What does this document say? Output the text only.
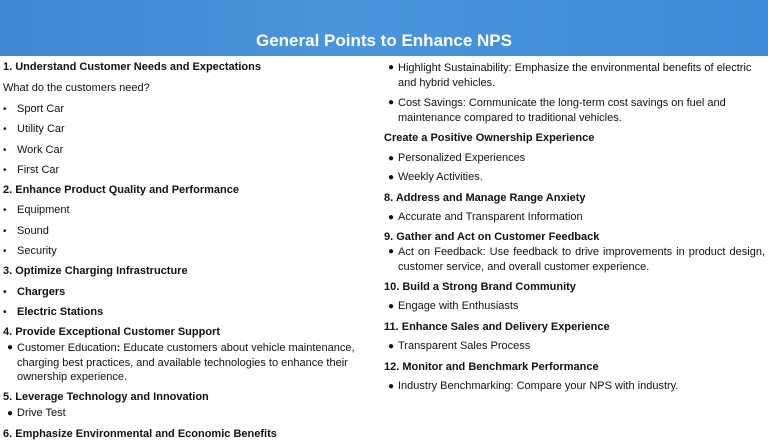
General Points to Enhance NPS
1. Understand Customer Needs and Expectations
What do the customers need?
• Sport Car
• Utility Car
• Work Car
• First Car
2. Enhance Product Quality and Performance
• Equipment
• Sound
• Security
3. Optimize Charging Infrastructure
• Chargers
• Electric Stations
4. Provide Exceptional Customer Support
● Customer Education: Educate customers about vehicle maintenance, charging best practices, and available technologies to enhance their ownership experience.
5. Leverage Technology and Innovation
● Drive Test
6. Emphasize Environmental and Economic Benefits
● Highlight Sustainability: Emphasize the environmental benefits of electric and hybrid vehicles.
● Cost Savings: Communicate the long-term cost savings on fuel and maintenance compared to traditional vehicles.
Create a Positive Ownership Experience
● Personalized Experiences
● Weekly Activities.
8. Address and Manage Range Anxiety
● Accurate and Transparent Information
9. Gather and Act on Customer Feedback
● Act on Feedback: Use feedback to drive improvements in product design, customer service, and overall customer experience.
10. Build a Strong Brand Community
● Engage with Enthusiasts
11. Enhance Sales and Delivery Experience
● Transparent Sales Process
12. Monitor and Benchmark Performance
● Industry Benchmarking: Compare your NPS with industry.
